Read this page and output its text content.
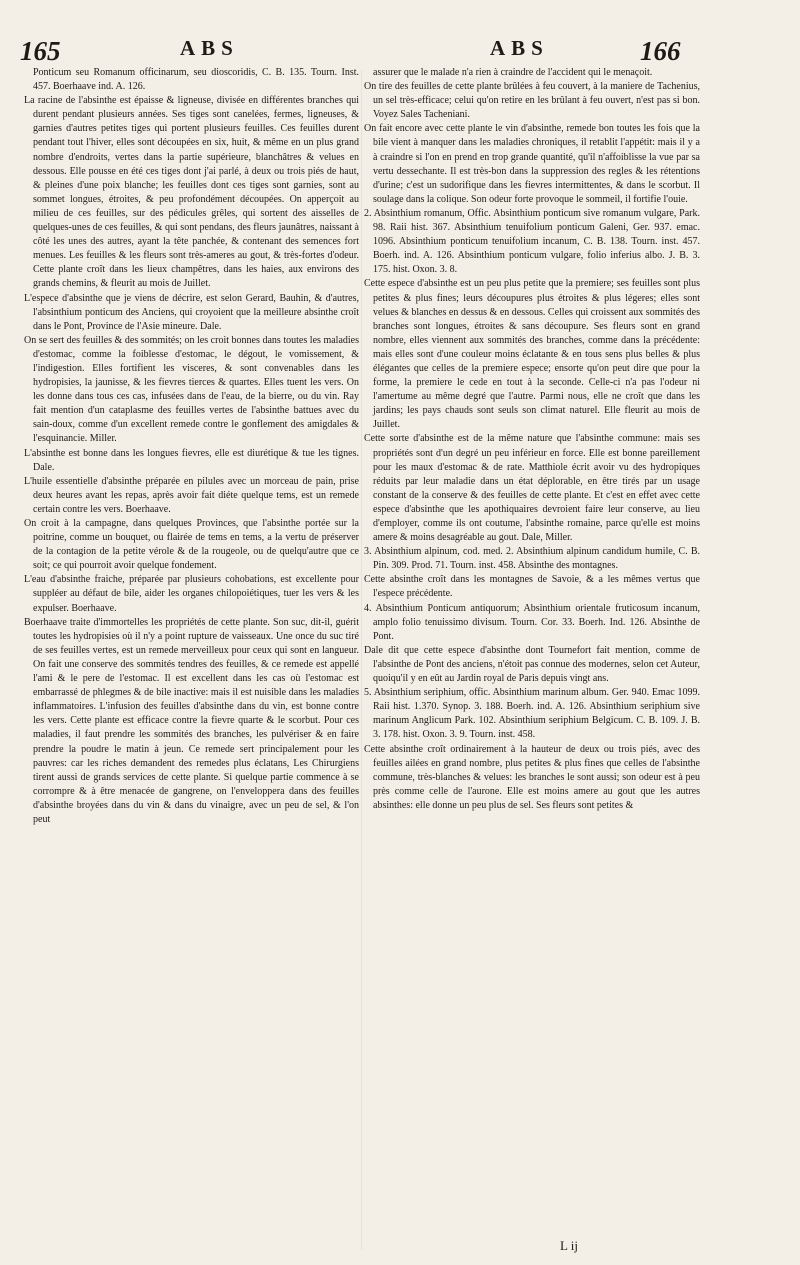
165	ABS	ABS	166

Ponticum seu Romanum officinarum, seu dioscoridis, C. B. 135. Tourn. Inst. 457. Boerhaave ind. A. 126.

La racine de l'absinthe est épaisse & ligneuse, divisée en différentes branches qui durent pendant plusieurs années. Ses tiges sont canelées, fermes, ligneuses, & garnies d'autres petites tiges qui portent plusieurs feuilles. Ces feuilles durent pendant tout l'hiver, elles sont découpées en six, huit, & même en un plus grand nombre d'endroits, vertes dans la partie supérieure, blanchâtres & velues en dessous. Elle pousse en été ces tiges dont j'ai parlé, à deux ou trois piés de haut, & pleines d'une poix blanche; les feuilles dont ces tiges sont garnies, sont au sommet longues, étroites, & peu profondément découpées. On apperçoit au milieu de ces feuilles, sur des pédicules grêles, qui sortent des aisselles de quelques-unes de ces feuilles, & qui sont pendans, des fleurs jaunâtres, naissant à côté les unes des autres, ayant la tête panchée, & contenant des semences fort menues. Les feuilles & les fleurs sont très-ameres au gout, & très-fortes d'odeur. Cette plante croît dans les lieux champêtres, dans les haies, aux environs des grands chemins, & fleurit au mois de Juillet.

L'espece d'absinthe que je viens de décrire, est selon Gerard, Bauhin, & d'autres, l'absinthium ponticum des Anciens, qui croyoient que la meilleure absinthe croît dans le Pont, Province de l'Asie mineure. Dale.

On se sert des feuilles & des sommités; on les croit bonnes dans toutes les maladies d'estomac, comme la foiblesse d'estomac, le dégout, le vomissement, & l'indigestion. Elles fortifient les visceres, & sont convenables dans les hydropisies, la jaunisse, & les fievres tierces & quartes. Elles tuent les vers. On les donne dans tous ces cas, infusées dans de l'eau, de la bierre, ou du vin. Ray fait mention d'un cataplasme des feuilles vertes de l'absinthe battues avec du sain-doux, comme d'un excellent remede contre le gonflement des amigdales & l'esquinancie. Miller.

L'absinthe est bonne dans les longues fievres, elle est diurétique & tue les tignes. Dale.

L'huile essentielle d'absinthe préparée en pilules avec un morceau de pain, prise deux heures avant les repas, après avoir fait diéte quelque tems, est un remede certain contre les vers. Boerhaave.

On croit à la campagne, dans quelques Provinces, que l'absinthe portée sur la poitrine, comme un bouquet, ou flairée de tems en tems, a la vertu de préserver de la contagion de la petite vérole & de la rougeole, ou de quelqu'autre que ce soit; ce qui pourroit avoir quelque fondement.

L'eau d'absinthe fraiche, préparée par plusieurs cohobations, est excellente pour suppléer au défaut de bile, aider les organes chilopoiétiques, tuer les vers & les expulser. Boerhaave.

Boerhaave traite d'immortelles les propriétés de cette plante. Son suc, dit-il, guérit toutes les hydropisies où il n'y a point rupture de vaisseaux. Une once du suc tiré de ses feuilles vertes, est un remede merveilleux pour ceux qui sont en langueur. On fait une conserve des sommités tendres des feuilles, & ce remede est appellé l'ami & le pere de l'estomac. Il est excellent dans les cas où l'estomac est embarrassé de phlegmes & de bile inactive: mais il est nuisible dans les maladies inflammatoires. L'infusion des feuilles d'absinthe dans du vin, est bonne contre les vers. Cette plante est efficace contre la fievre quarte & le scorbut. Pour ces maladies, il faut prendre les sommités des branches, les pulvériser & en faire prendre la poudre le matin à jeun. Ce remede sert principalement pour les pauvres: car les riches demandent des remedes plus éclatans, Les Chirurgiens tirent aussi de grands services de cette plante. Si quelque partie commence à se corrompre & à être menacée de gangrene, on l'enveloppera dans des feuilles d'absinthe broyées dans du vin & dans du vinaigre, avec un peu de sel, & l'on peut

assurer que le malade n'a rien à craindre de l'accident qui le menaçoit.

On tire des feuilles de cette plante brûlées à feu couvert, à la maniere de Tachenius, un sel très-efficace; celui qu'on retire en les brûlant à feu ouvert, n'est pas si bon. Voyez Sales Tacheniani.

On fait encore avec cette plante le vin d'absinthe, remede bon toutes les fois que la bile vient à manquer dans les maladies chroniques, il retablit l'appétit: mais il y a à craindre si l'on en prend en trop grande quantité, qu'il n'affoiblisse la vue par sa vertu dessechante. Il est très-bon dans la suppression des regles & les rétentions d'urine; c'est un sudorifique dans les fievres intermittentes, & dans le scorbut. Il soulage dans la colique. Son odeur forte provoque le sommeil, il fortifie l'ouie.

2. Absinthium romanum, Offic. Absinthium ponticum sive romanum vulgare, Park. 98. Raii hist. 367. Absinthium tenuifolium ponticum Galeni, Ger. 937. emac. 1096. Absinthium ponticum tenuifolium incanum, C. B. 138. Tourn. inst. 457. Boerh. ind. A. 126. Absinthium ponticum vulgare, folio inferius albo. J. B. 3. 175. hist. Oxon. 3. 8.

Cette espece d'absinthe est un peu plus petite que la premiere; ses feuilles sont plus petites & plus fines; leurs découpures plus étroites & plus légeres; elles sont velues & blanches en dessus & en dessous. Celles qui croissent aux sommités des branches sont longues, étroites & sans découpure. Ses fleurs sont en grand nombre, elles viennent aux sommités des branches, comme dans la précédente: mais elles sont d'une couleur moins éclatante & en tous sens plus belles & plus élégantes que celles de la premiere espece; ensorte qu'on peut dire que pour la forme, la premiere le cede en tout à la seconde. Celle-ci n'a pas l'odeur ni l'amertume au même degré que l'autre. Parmi nous, elle ne croît que dans les jardins; les pays chauds sont seuls son climat naturel. Elle fleurit au mois de Juillet.

Cette sorte d'absinthe est de la même nature que l'absinthe commune: mais ses propriétés sont d'un degré un peu inférieur en force. Elle est bonne pareillement pour les maux d'estomac & de rate. Matthiole écrit avoir vu des hydropiques réduits par leur maladie dans un état déplorable, en être tirés par un usage constant de la conserve & des feuilles de cette plante. Et c'est en effet avec cette espece d'absinthe que les apothiquaires devroient faire leur conserve, au lieu d'employer, comme ils ont coutume, l'absinthe romaine, parce qu'elle est moins amere & moins desagréable au gout. Dale, Miller.

3. Absinthium alpinum, cod. med. 2. Absinthium alpinum candidum humile, C. B. Pin. 309. Prod. 71. Tourn. inst. 458. Absinthe des montagnes.

Cette absinthe croît dans les montagnes de Savoie, & a les mêmes vertus que l'espece précédente.

4. Absinthium Ponticum antiquorum; Absinthium orientale fruticosum incanum, amplo folio tenuissimo divisum. Tourn. Cor. 33. Boerh. Ind. 126. Absinthe de Pont.

Dale dit que cette espece d'absinthe dont Tournefort fait mention, comme de l'absinthe de Pont des anciens, n'étoit pas connue des modernes, selon cet Auteur, quoiqu'il y en eût au Jardin royal de Paris depuis vingt ans.

5. Absinthium seriphium, offic. Absinthium marinum album. Ger. 940. Emac 1099. Raii hist. 1.370. Synop. 3. 188. Boerh. ind. A. 126. Absinthium seriphium sive marinum Anglicum Park. 102. Absinthium seriphium Belgicum. C. B. 109. J. B. 3. 178. hist. Oxon. 3. 9. Tourn. inst. 458.

Cette absinthe croît ordinairement à la hauteur de deux ou trois piés, avec des feuilles ailées en grand nombre, plus petites & plus fines que celles de l'absinthe commune, très-blanches & velues: les branches le sont aussi; son odeur est à peu près comme celle de l'aurone. Elle est moins amere au gout que les autres absinthes: elle donne un peu plus de sel. Ses fleurs sont petites &

L ij
